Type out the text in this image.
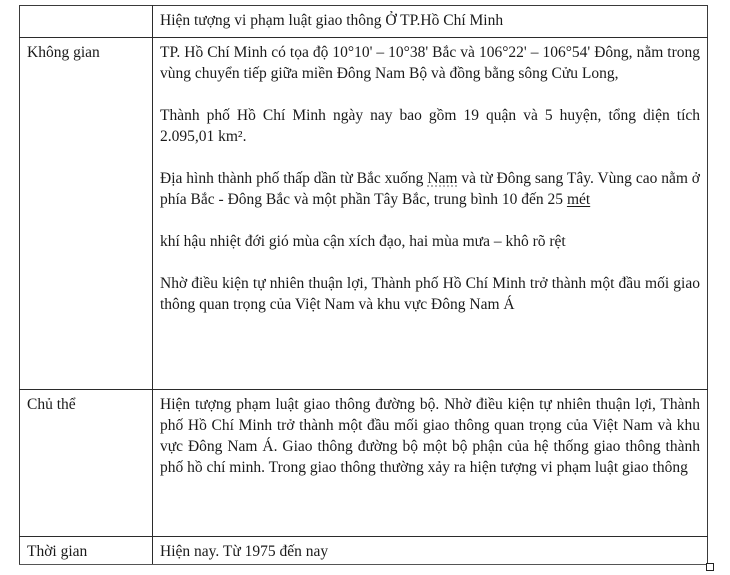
	Hiện tượng vi phạm luật giao thông Ở TP.Hồ Chí Minh

Không gian	TP. Hồ Chí Minh có tọa độ 10°10' – 10°38' Bắc và 106°22' – 106°54' Đông, nằm trong vùng chuyển tiếp giữa miền Đông Nam Bộ và đồng bằng sông Cửu Long,

Thành phố Hồ Chí Minh ngày nay bao gồm 19 quận và 5 huyện, tổng diện tích 2.095,01 km².

Địa hình thành phố thấp dần từ Bắc xuống Nam và từ Đông sang Tây. Vùng cao nằm ở phía Bắc - Đông Bắc và một phần Tây Bắc, trung bình 10 đến 25 mét

khí hậu nhiệt đới gió mùa cận xích đạo, hai mùa mưa – khô rõ rệt

Nhờ điều kiện tự nhiên thuận lợi, Thành phố Hồ Chí Minh trở thành một đầu mối giao thông quan trọng của Việt Nam và khu vực Đông Nam Á

Chủ thể	Hiện tượng phạm luật giao thông đường bộ. Nhờ điều kiện tự nhiên thuận lợi, Thành phố Hồ Chí Minh trở thành một đầu mối giao thông quan trọng của Việt Nam và khu vực Đông Nam Á. Giao thông đường bộ một bộ phận của hệ thống giao thông thành phố hồ chí minh. Trong giao thông thường xảy ra hiện tượng vi phạm luật giao thông

Thời gian	Hiện nay. Từ 1975 đến nay
